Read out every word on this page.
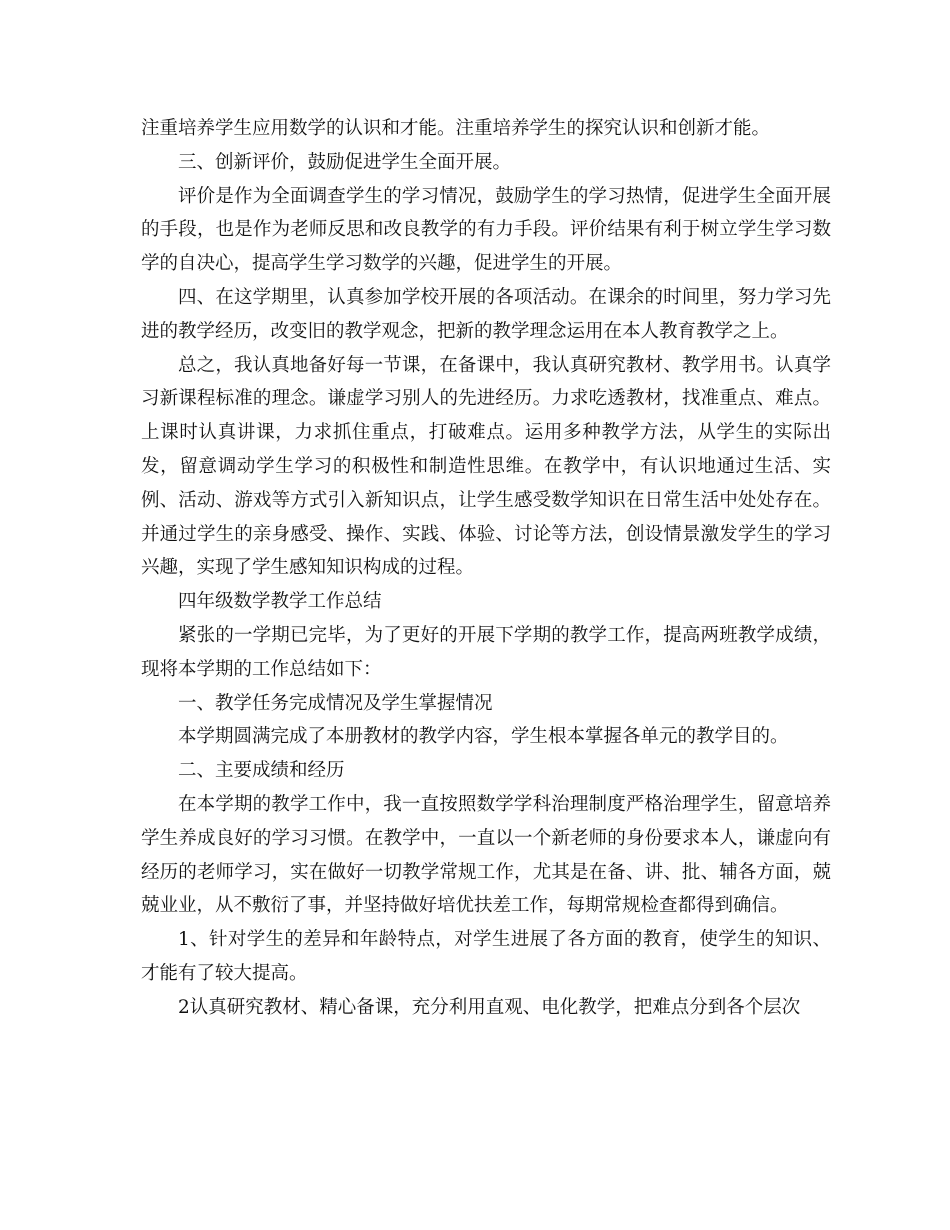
注重培养学生应用数学的认识和才能。注重培养学生的探究认识和创新才能。

三、创新评价，鼓励促进学生全面开展。

评价是作为全面调查学生的学习情况，鼓励学生的学习热情，促进学生全面开展的手段，也是作为老师反思和改良教学的有力手段。评价结果有利于树立学生学习数学的自决心，提高学生学习数学的兴趣，促进学生的开展。

四、在这学期里，认真参加学校开展的各项活动。在课余的时间里，努力学习先进的教学经历，改变旧的教学观念，把新的教学理念运用在本人教育教学之上。

总之，我认真地备好每一节课，在备课中，我认真研究教材、教学用书。认真学习新课程标准的理念。谦虚学习别人的先进经历。力求吃透教材，找准重点、难点。上课时认真讲课，力求抓住重点，打破难点。运用多种教学方法，从学生的实际出发，留意调动学生学习的积极性和制造性思维。在教学中，有认识地通过生活、实例、活动、游戏等方式引入新知识点，让学生感受数学知识在日常生活中处处存在。并通过学生的亲身感受、操作、实践、体验、讨论等方法，创设情景激发学生的学习兴趣，实现了学生感知知识构成的过程。

四年级数学教学工作总结

紧张的一学期已完毕，为了更好的开展下学期的教学工作，提高两班教学成绩，现将本学期的工作总结如下：

一、教学任务完成情况及学生掌握情况

本学期圆满完成了本册教材的教学内容，学生根本掌握各单元的教学目的。

二、主要成绩和经历

在本学期的教学工作中，我一直按照数学学科治理制度严格治理学生，留意培养学生养成良好的学习习惯。在教学中，一直以一个新老师的身份要求本人，谦虚向有经历的老师学习，实在做好一切教学常规工作，尤其是在备、讲、批、辅各方面，兢兢业业，从不敷衍了事，并坚持做好培优扶差工作，每期常规检查都得到确信。

1、针对学生的差异和年龄特点，对学生进展了各方面的教育，使学生的知识、才能有了较大提高。

2认真研究教材、精心备课，充分利用直观、电化教学，把难点分到各个层次
